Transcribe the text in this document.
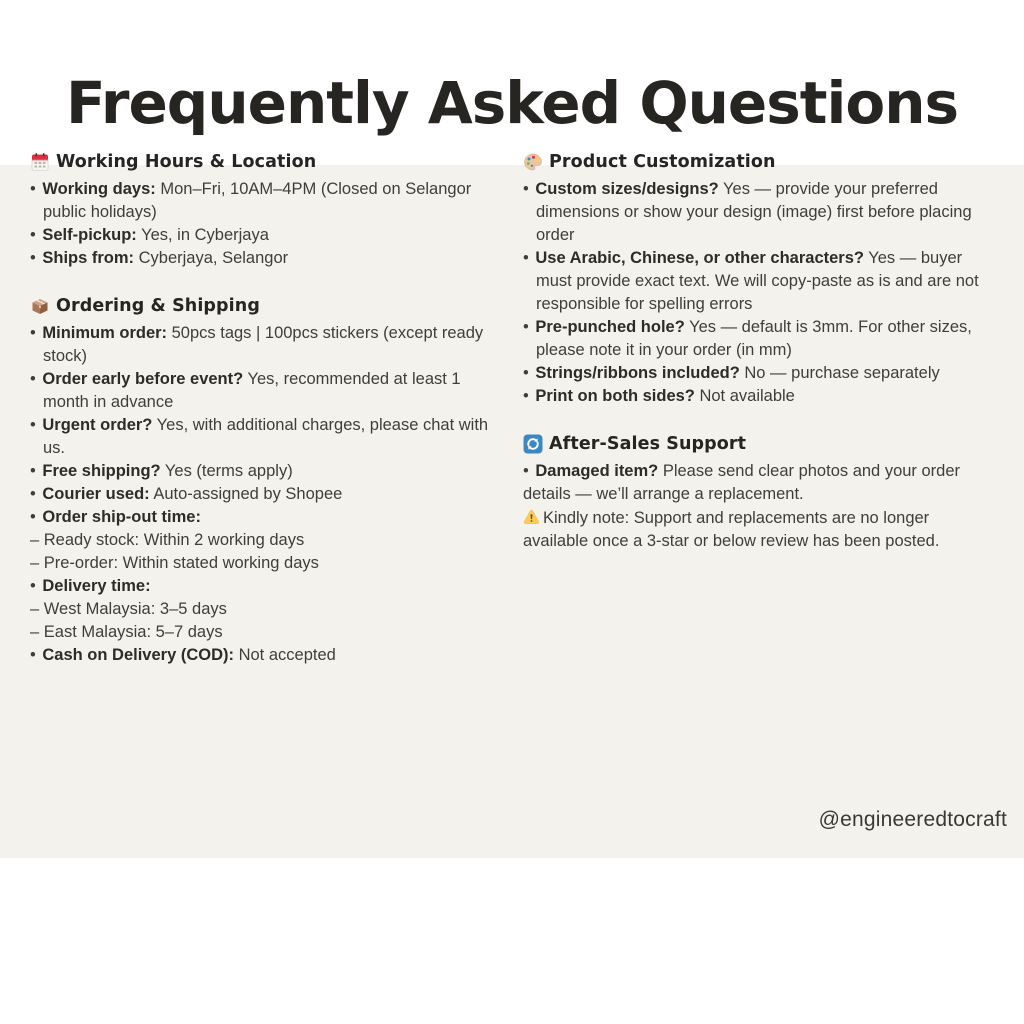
Frequently Asked Questions
Working Hours & Location
• Working days: Mon–Fri, 10AM–4PM (Closed on Selangor public holidays)
• Self-pickup: Yes, in Cyberjaya
• Ships from: Cyberjaya, Selangor
Ordering & Shipping
• Minimum order: 50pcs tags | 100pcs stickers (except ready stock)
• Order early before event? Yes, recommended at least 1 month in advance
• Urgent order? Yes, with additional charges, please chat with us.
• Free shipping? Yes (terms apply)
• Courier used: Auto-assigned by Shopee
• Order ship-out time:
– Ready stock: Within 2 working days
– Pre-order: Within stated working days
• Delivery time:
– West Malaysia: 3–5 days
– East Malaysia: 5–7 days
• Cash on Delivery (COD): Not accepted
Product Customization
• Custom sizes/designs? Yes — provide your preferred dimensions or show your design (image) first before placing order
• Use Arabic, Chinese, or other characters? Yes — buyer must provide exact text. We will copy-paste as is and are not responsible for spelling errors
• Pre-punched hole? Yes — default is 3mm. For other sizes, please note it in your order (in mm)
• Strings/ribbons included? No — purchase separately
• Print on both sides? Not available
After-Sales Support
• Damaged item? Please send clear photos and your order details — we’ll arrange a replacement.
Kindly note: Support and replacements are no longer available once a 3-star or below review has been posted.
@engineeredtocraft
